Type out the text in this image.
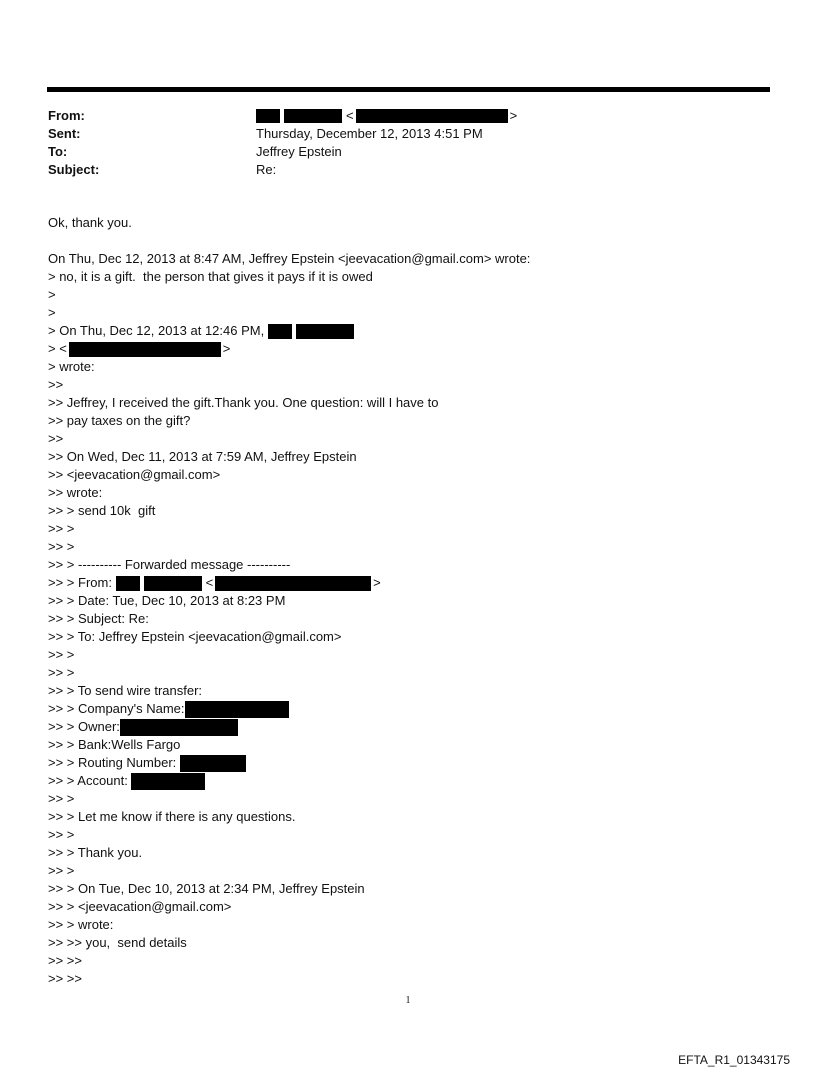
From:	<	>
Sent:	Thursday, December 12, 2013 4:51 PM
To:	Jeffrey Epstein
Subject:	Re:
Ok, thank you.
On Thu, Dec 12, 2013 at 8:47 AM, Jeffrey Epstein <jeevacation@gmail.com> wrote:
> no, it is a gift.  the person that gives it pays if it is owed
>
>
> On Thu, Dec 12, 2013 at 12:46 PM,
> <	>
> wrote:
>>
>> Jeffrey, I received the gift.Thank you. One question: will I have to
>> pay taxes on the gift?
>>
>> On Wed, Dec 11, 2013 at 7:59 AM, Jeffrey Epstein
>> <jeevacation@gmail.com>
>> wrote:
>> > send 10k  gift
>> >
>> >
>> > ---------- Forwarded message ----------
>> > From:	<	>
>> > Date: Tue, Dec 10, 2013 at 8:23 PM
>> > Subject: Re:
>> > To: Jeffrey Epstein <jeevacation@gmail.com>
>> >
>> >
>> > To send wire transfer:
>> > Company's Name:
>> > Owner:
>> > Bank:Wells Fargo
>> > Routing Number:
>> > Account:
>> >
>> > Let me know if there is any questions.
>> >
>> > Thank you.
>> >
>> > On Tue, Dec 10, 2013 at 2:34 PM, Jeffrey Epstein
>> > <jeevacation@gmail.com>
>> > wrote:
>> >> you,  send details
>> >>
>> >>
1
EFTA_R1_01343175
